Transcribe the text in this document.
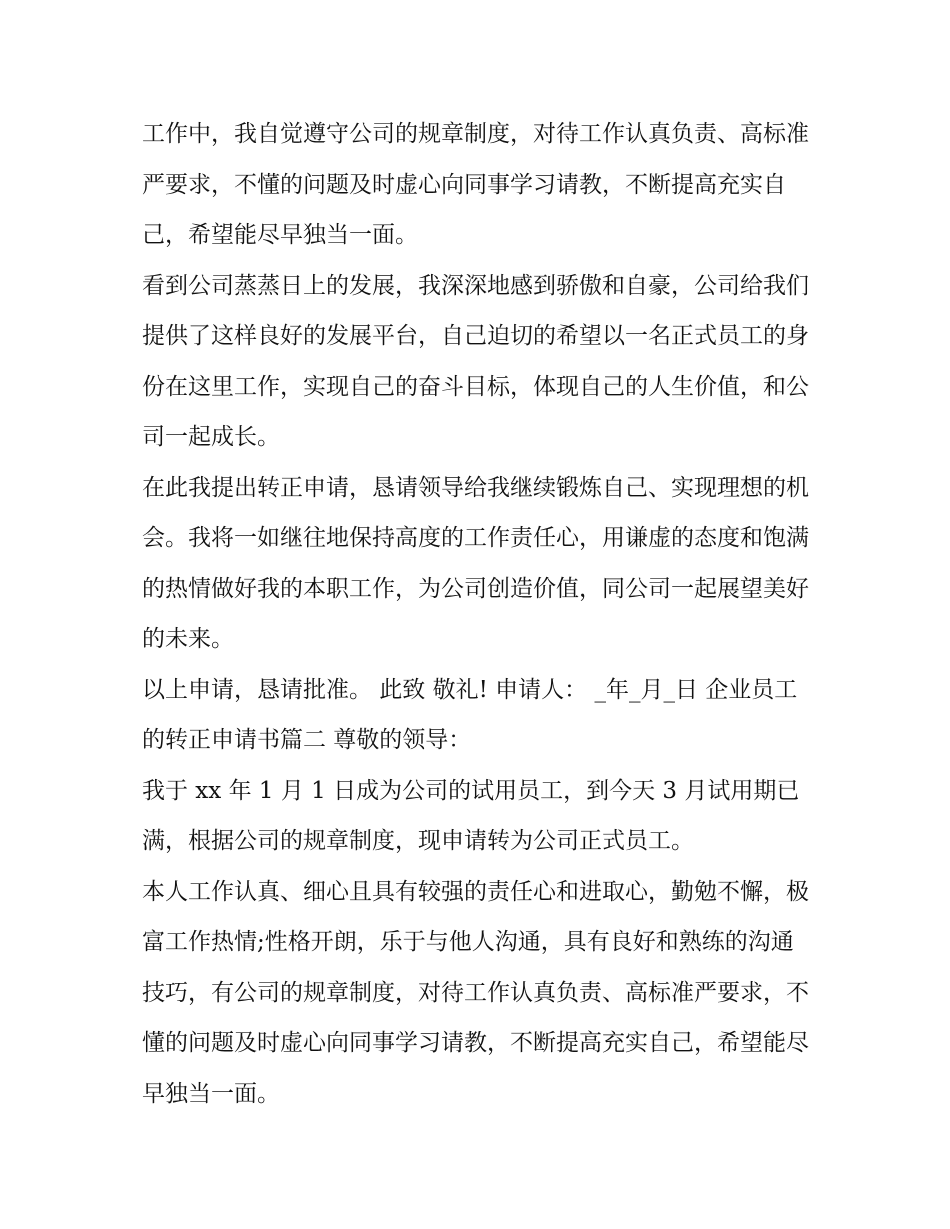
工作中，我自觉遵守公司的规章制度，对待工作认真负责、高标准严要求，不懂的问题及时虚心向同事学习请教，不断提高充实自己，希望能尽早独当一面。

看到公司蒸蒸日上的发展，我深深地感到骄傲和自豪，公司给我们提供了这样良好的发展平台，自己迫切的希望以一名正式员工的身份在这里工作，实现自己的奋斗目标，体现自己的人生价值，和公司一起成长。

在此我提出转正申请，恳请领导给我继续锻炼自己、实现理想的机会。我将一如继往地保持高度的工作责任心，用谦虚的态度和饱满的热情做好我的本职工作，为公司创造价值，同公司一起展望美好的未来。

以上申请，恳请批准。 此致 敬礼! 申请人： _年_月_日 企业员工的转正申请书篇二 尊敬的领导：

我于 xx 年 1 月 1 日成为公司的试用员工，到今天 3 月试用期已满，根据公司的规章制度，现申请转为公司正式员工。

本人工作认真、细心且具有较强的责任心和进取心，勤勉不懈，极富工作热情;性格开朗，乐于与他人沟通，具有良好和熟练的沟通技巧，有公司的规章制度，对待工作认真负责、高标准严要求，不懂的问题及时虚心向同事学习请教，不断提高充实自己，希望能尽早独当一面。
